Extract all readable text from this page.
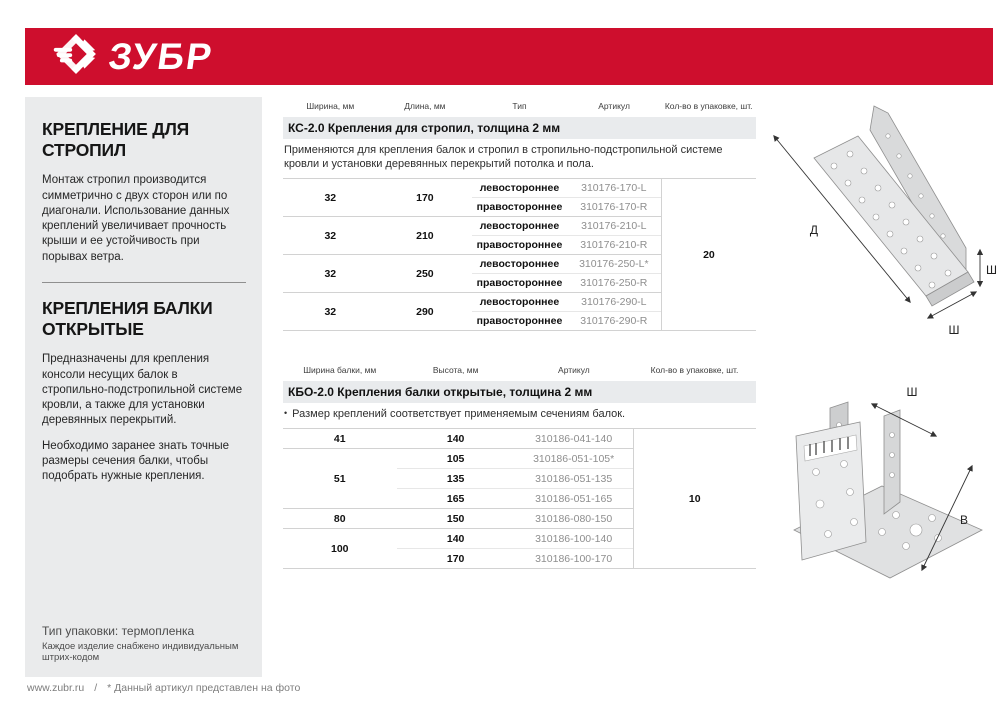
ЗУБР
КРЕПЛЕНИЕ ДЛЯ СТРОПИЛ

Монтаж стропил производится симметрично с двух сторон или по диагонали. Использование данных креплений увеличивает прочность крыши и ее устойчивость при порывах ветра.

КРЕПЛЕНИЯ БАЛКИ ОТКРЫТЫЕ

Предназначены для крепления консоли несущих балок в стропильно-подстропильной системе кровли, а также для установки деревянных перекрытий.

Необходимо заранее знать точные размеры сечения балки, чтобы подобрать нужные крепления.

Тип упаковки: термопленка
Каждое изделие снабжено индивидуальным штрих-кодом
Ширина, мм	Длина, мм	Тип	Артикул	Кол-во в упаковке, шт.
КС-2.0 Крепления для стропил, толщина 2 мм				
Применяются для крепления балок и стропил в стропильно-подстропильной системе кровли и установки деревянных перекрытий потолка и пола.				
32	170	левостороннее	310176-170-L	20
		правостороннее	310176-170-R	
32	210	левостороннее	310176-210-L	
		правостороннее	310176-210-R	
32	250	левостороннее	310176-250-L*	
		правостороннее	310176-250-R	
32	290	левостороннее	310176-290-L	
		правостороннее	310176-290-R	
Ширина балки, мм	Высота, мм	Артикул	Кол-во в упаковке, шт.
КБО-2.0 Крепления балки открытые, толщина 2 мм			
• Размер креплений соответствует применяемым сечениям балок.
41	140	310186-041-140	10
51	105	310186-051-105*	
	135	310186-051-135	
	165	310186-051-165	
80	150	310186-080-150	
100	140	310186-100-140	
	170	310186-100-170	
Д
Ш
Ш
Ш
В
www.zubr.ru / * Данный артикул представлен на фото
